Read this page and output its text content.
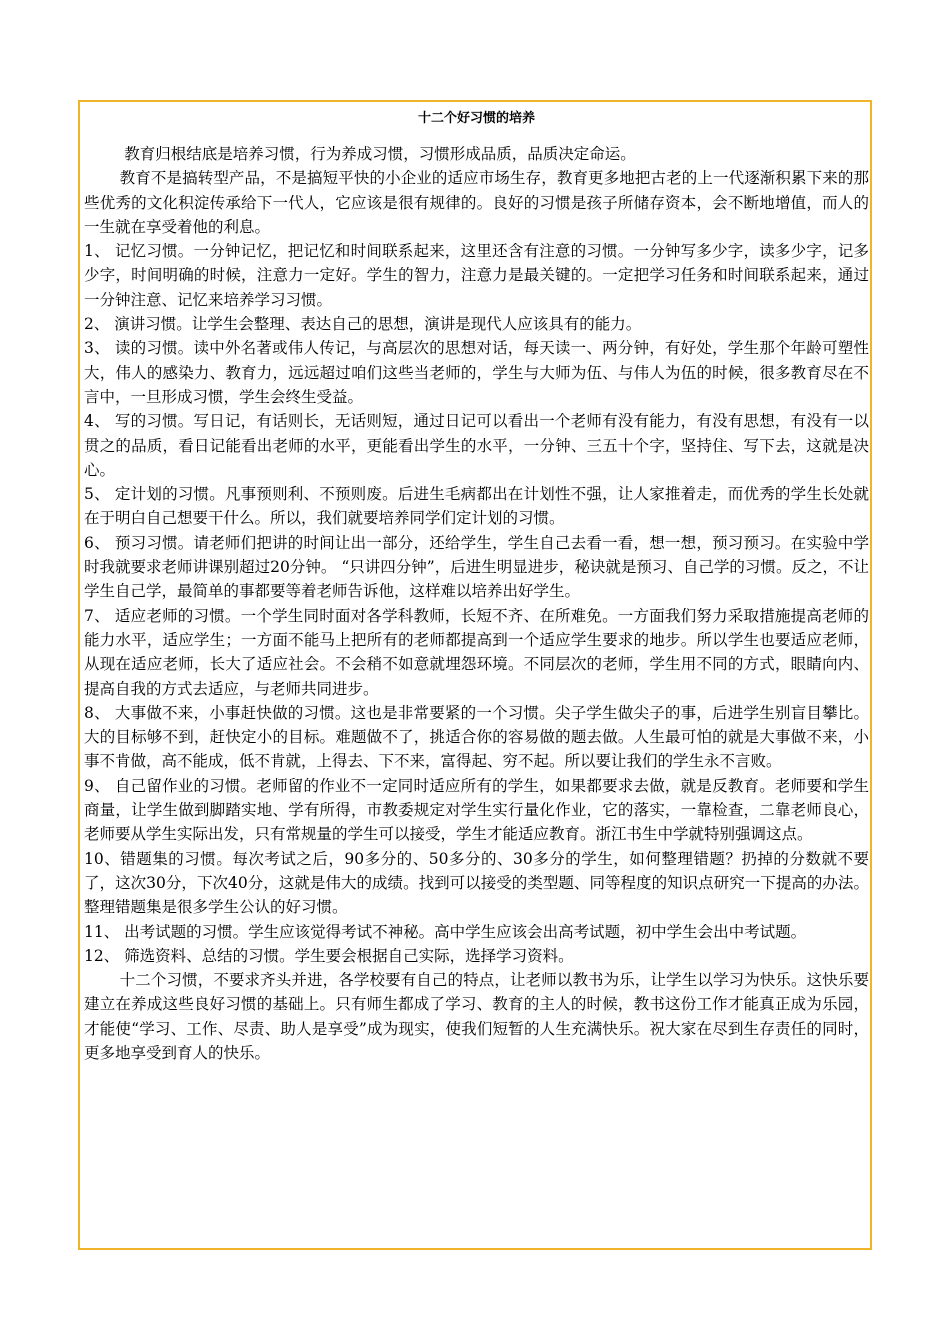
十二个好习惯的培养

教育归根结底是培养习惯，行为养成习惯，习惯形成品质，品质决定命运。

教育不是搞转型产品，不是搞短平快的小企业的适应市场生存，教育更多地把古老的上一代逐渐积累下来的那些优秀的文化积淀传承给下一代人，它应该是很有规律的。良好的习惯是孩子所储存资本，会不断地增值，而人的一生就在享受着他的利息。

1、 记忆习惯。一分钟记忆，把记忆和时间联系起来，这里还含有注意的习惯。一分钟写多少字，读多少字，记多少字，时间明确的时候，注意力一定好。学生的智力，注意力是最关键的。一定把学习任务和时间联系起来，通过一分钟注意、记忆来培养学习习惯。

2、 演讲习惯。让学生会整理、表达自己的思想，演讲是现代人应该具有的能力。

3、 读的习惯。读中外名著或伟人传记，与高层次的思想对话，每天读一、两分钟，有好处，学生那个年龄可塑性大，伟人的感染力、教育力，远远超过咱们这些当老师的，学生与大师为伍、与伟人为伍的时候，很多教育尽在不言中，一旦形成习惯，学生会终生受益。

4、 写的习惯。写日记，有话则长，无话则短，通过日记可以看出一个老师有没有能力，有没有思想，有没有一以贯之的品质，看日记能看出老师的水平，更能看出学生的水平，一分钟、三五十个字，坚持住、写下去，这就是决心。

5、 定计划的习惯。凡事预则利、不预则废。后进生毛病都出在计划性不强，让人家推着走，而优秀的学生长处就在于明白自己想要干什么。所以，我们就要培养同学们定计划的习惯。

6、 预习习惯。请老师们把讲的时间让出一部分，还给学生，学生自己去看一看，想一想，预习预习。在实验中学时我就要求老师讲课别超过20分钟。 “只讲四分钟”，后进生明显进步，秘诀就是预习、自己学的习惯。反之，不让学生自己学，最简单的事都要等着老师告诉他，这样难以培养出好学生。

7、 适应老师的习惯。一个学生同时面对各学科教师，长短不齐、在所难免。一方面我们努力采取措施提高老师的能力水平，适应学生；一方面不能马上把所有的老师都提高到一个适应学生要求的地步。所以学生也要适应老师，从现在适应老师，长大了适应社会。不会稍不如意就埋怨环境。不同层次的老师，学生用不同的方式，眼睛向内、提高自我的方式去适应，与老师共同进步。

8、 大事做不来，小事赶快做的习惯。这也是非常要紧的一个习惯。尖子学生做尖子的事，后进学生别盲目攀比。大的目标够不到，赶快定小的目标。难题做不了，挑适合你的容易做的题去做。人生最可怕的就是大事做不来，小事不肯做，高不能成，低不肯就，上得去、下不来，富得起、穷不起。所以要让我们的学生永不言败。

9、 自己留作业的习惯。老师留的作业不一定同时适应所有的学生，如果都要求去做，就是反教育。老师要和学生商量，让学生做到脚踏实地、学有所得，市教委规定对学生实行量化作业，它的落实，一靠检查，二靠老师良心，老师要从学生实际出发，只有常规量的学生可以接受，学生才能适应教育。浙江书生中学就特别强调这点。

10、错题集的习惯。每次考试之后，90多分的、50多分的、30多分的学生，如何整理错题？扔掉的分数就不要了，这次30分，下次40分，这就是伟大的成绩。找到可以接受的类型题、同等程度的知识点研究一下提高的办法。整理错题集是很多学生公认的好习惯。

11、 出考试题的习惯。学生应该觉得考试不神秘。高中学生应该会出高考试题，初中学生会出中考试题。

12、 筛选资料、总结的习惯。学生要会根据自己实际，选择学习资料。

十二个习惯，不要求齐头并进，各学校要有自己的特点，让老师以教书为乐，让学生以学习为快乐。这快乐要建立在养成这些良好习惯的基础上。只有师生都成了学习、教育的主人的时候，教书这份工作才能真正成为乐园，才能使“学习、工作、尽责、助人是享受”成为现实，使我们短暂的人生充满快乐。祝大家在尽到生存责任的同时，更多地享受到育人的快乐。
